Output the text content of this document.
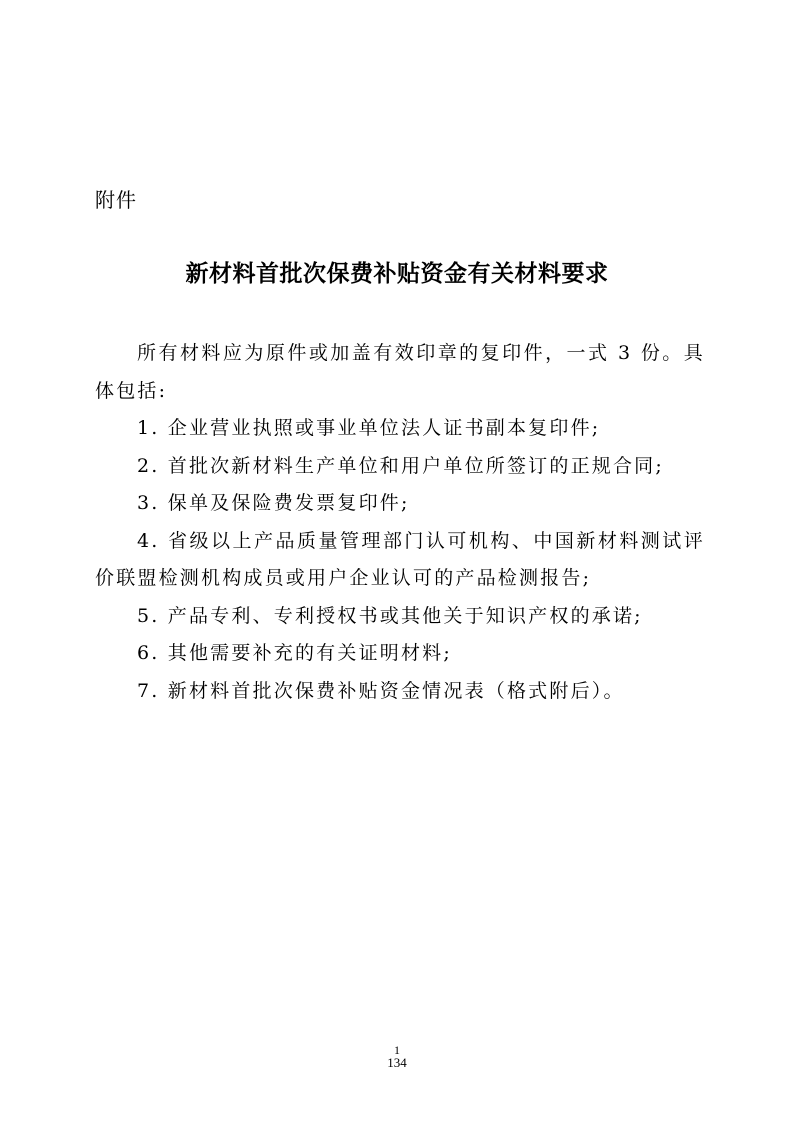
附件
新材料首批次保费补贴资金有关材料要求

所有材料应为原件或加盖有效印章的复印件，一式 3 份。具体包括:

1. 企业营业执照或事业单位法人证书副本复印件;
2. 首批次新材料生产单位和用户单位所签订的正规合同;
3. 保单及保险费发票复印件;
4. 省级以上产品质量管理部门认可机构、中国新材料测试评价联盟检测机构成员或用户企业认可的产品检测报告;
5. 产品专利、专利授权书或其他关于知识产权的承诺;
6. 其他需要补充的有关证明材料;
7. 新材料首批次保费补贴资金情况表（格式附后）。
1
134
